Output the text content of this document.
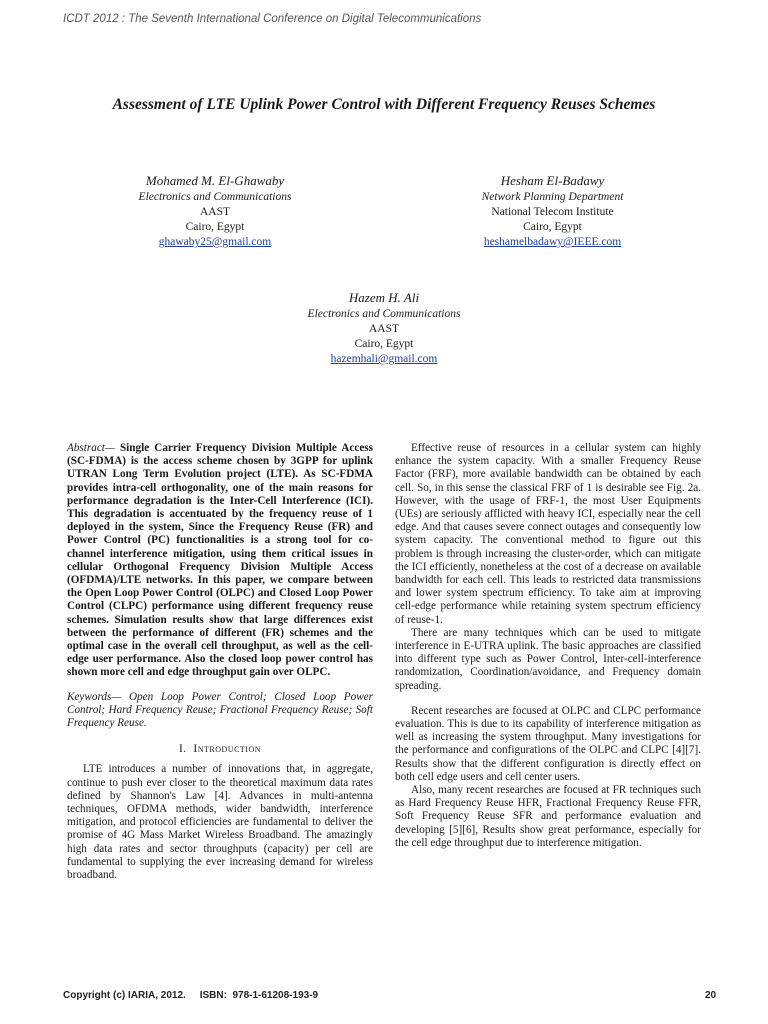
ICDT 2012 : The Seventh International Conference on Digital Telecommunications
Assessment of LTE Uplink Power Control with Different Frequency Reuses Schemes
Mohamed M. El-Ghawaby
Electronics and Communications
AAST
Cairo, Egypt
ghawaby25@gmail.com
Hesham El-Badawy
Network Planning Department
National Telecom Institute
Cairo, Egypt
heshamelbadawy@IEEE.com
Hazem H. Ali
Electronics and Communications
AAST
Cairo, Egypt
hazemhali@gmail.com

Abstract— Single Carrier Frequency Division Multiple Access (SC-FDMA) is the access scheme chosen by 3GPP for uplink UTRAN Long Term Evolution project (LTE). As SC-FDMA provides intra-cell orthogonality, one of the main reasons for performance degradation is the Inter-Cell Interference (ICI). This degradation is accentuated by the frequency reuse of 1 deployed in the system, Since the Frequency Reuse (FR) and Power Control (PC) functionalities is a strong tool for co-channel interference mitigation, using them critical issues in cellular Orthogonal Frequency Division Multiple Access (OFDMA)/LTE networks. In this paper, we compare between the Open Loop Power Control (OLPC) and Closed Loop Power Control (CLPC) performance using different frequency reuse schemes. Simulation results show that large differences exist between the performance of different (FR) schemes and the optimal case in the overall cell throughput, as well as the cell-edge user performance. Also the closed loop power control has shown more cell and edge throughput gain over OLPC.

Keywords— Open Loop Power Control; Closed Loop Power Control; Hard Frequency Reuse; Fractional Frequency Reuse; Soft Frequency Reuse.

I. Introduction

LTE introduces a number of innovations that, in aggregate, continue to push ever closer to the theoretical maximum data rates defined by Shannon's Law [4]. Advances in multi-antenna techniques, OFDMA methods, wider bandwidth, interference mitigation, and protocol efficiencies are fundamental to deliver the promise of 4G Mass Market Wireless Broadband. The amazingly high data rates and sector throughputs (capacity) per cell are fundamental to supplying the ever increasing demand for wireless broadband.

Effective reuse of resources in a cellular system can highly enhance the system capacity. With a smaller Frequency Reuse Factor (FRF), more available bandwidth can be obtained by each cell. So, in this sense the classical FRF of 1 is desirable see Fig. 2a. However, with the usage of FRF-1, the most User Equipments (UEs) are seriously afflicted with heavy ICI, especially near the cell edge. And that causes severe connect outages and consequently low system capacity. The conventional method to figure out this problem is through increasing the cluster-order, which can mitigate the ICI efficiently, nonetheless at the cost of a decrease on available bandwidth for each cell. This leads to restricted data transmissions and lower system spectrum efficiency. To take aim at improving cell-edge performance while retaining system spectrum efficiency of reuse-1.

There are many techniques which can be used to mitigate interference in E-UTRA uplink. The basic approaches are classified into different type such as Power Control, Inter-cell-interference randomization, Coordination/avoidance, and Frequency domain spreading.

Recent researches are focused at OLPC and CLPC performance evaluation. This is due to its capability of interference mitigation as well as increasing the system throughput. Many investigations for the performance and configurations of the OLPC and CLPC [4][7]. Results show that the different configuration is directly effect on both cell edge users and cell center users.

Also, many recent researches are focused at FR techniques such as Hard Frequency Reuse HFR, Fractional Frequency Reuse FFR, Soft Frequency Reuse SFR and performance evaluation and developing [5][6], Results show great performance, especially for the cell edge throughput due to interference mitigation.

Copyright (c) IARIA, 2012.     ISBN:  978-1-61208-193-9	20
